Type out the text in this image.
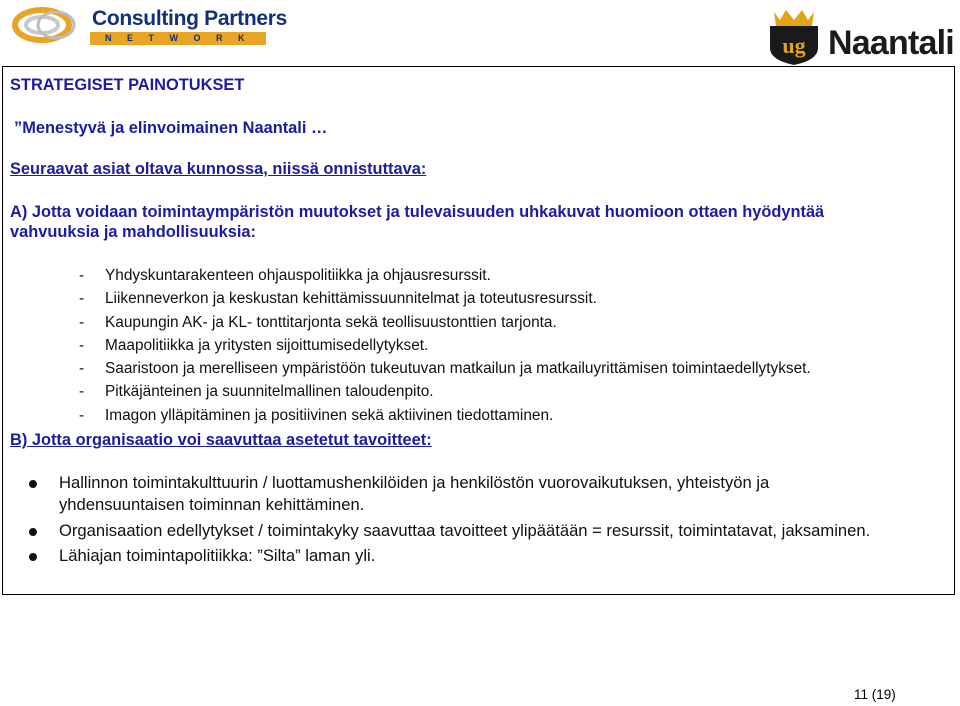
Consulting Partners
N E T W O R K	ug Naantali
STRATEGISET PAINOTUKSET
”Menestyvä ja elinvoimainen Naantali …
Seuraavat asiat oltava kunnossa, niissä onnistuttava:
A) Jotta voidaan toimintaympäristön muutokset ja tulevaisuuden uhkakuvat huomioon ottaen hyödyntää
vahvuuksia ja mahdollisuuksia:
- Yhdyskuntarakenteen ohjauspolitiikka ja ohjausresurssit.
- Liikenneverkon ja keskustan kehittämissuunnitelmat ja toteutusresurssit.
- Kaupungin AK- ja KL- tonttitarjonta sekä teollisuustonttien tarjonta.
- Maapolitiikka ja yritysten sijoittumisedellytykset.
- Saaristoon ja merelliseen ympäristöön tukeutuvan matkailun ja matkailuyrittämisen toimintaedellytykset.
- Pitkäjänteinen ja suunnitelmallinen taloudenpito.
- Imagon ylläpitäminen ja positiivinen sekä aktiivinen tiedottaminen.
B) Jotta organisaatio voi saavuttaa asetetut tavoitteet:
Hallinnon toimintakulttuurin / luottamushenkilöiden ja henkilöstön vuorovaikutuksen, yhteistyön ja
yhdensuuntaisen toiminnan kehittäminen.
Organisaation edellytykset / toimintakyky saavuttaa tavoitteet ylipäätään = resurssit, toimintatavat, jaksaminen.
Lähiajan toimintapolitiikka: ”Silta” laman yli.
11 (19)
